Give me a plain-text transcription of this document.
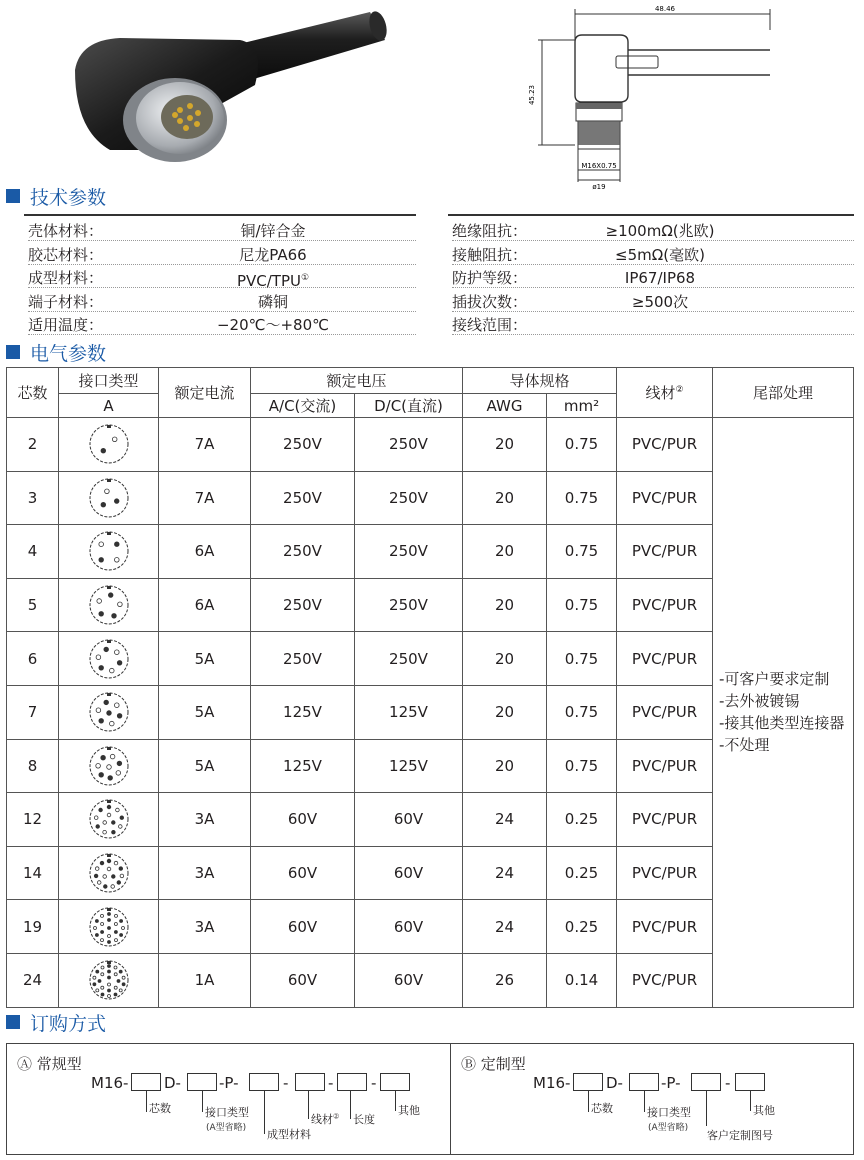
48.46
45.23
M16X0.75
ø19
技术参数
壳体材料：	铜/锌合金
胶芯材料：	尼龙PA66
成型材料：	PVC/TPU①
端子材料：	磷铜
适用温度：	−20℃～+80℃
绝缘阻抗：	≥100mΩ(兆欧)
接触阻抗：	≤5mΩ(毫欧)
防护等级：	IP67/IP68
插拔次数：	≥500次
接线范围：
电气参数
芯数	接口类型	额定电流	额定电压		导体规格		线材②	尾部处理
	A		A/C(交流)	D/C(直流)	AWG	mm²		
2		7A	250V	250V	20	0.75	PVC/PUR	-可客户要求定制
-去外被镀锡
-接其他类型连接器
-不处理

3		7A	250V	250V	20	0.75	PVC/PUR	
4		6A	250V	250V	20	0.75	PVC/PUR	
5		6A	250V	250V	20	0.75	PVC/PUR	
6		5A	250V	250V	20	0.75	PVC/PUR	
7		5A	125V	125V	20	0.75	PVC/PUR	
8		5A	125V	125V	20	0.75	PVC/PUR	
12		3A	60V	60V	24	0.25	PVC/PUR	
14		3A	60V	60V	24	0.25	PVC/PUR	
19		3A	60V	60V	24	0.25	PVC/PUR	
24		1A	60V	60V	26	0.14	PVC/PUR	
订购方式
Ⓐ 常规型
M16- D-	-P-	-	-	-
芯数	接口类型
(A型省略) 成型材料
线材② 长度
其他
Ⓑ 定制型
M16- D-	-P-	-
芯数	接口类型
(A型省略)
客户定制图号
其他
